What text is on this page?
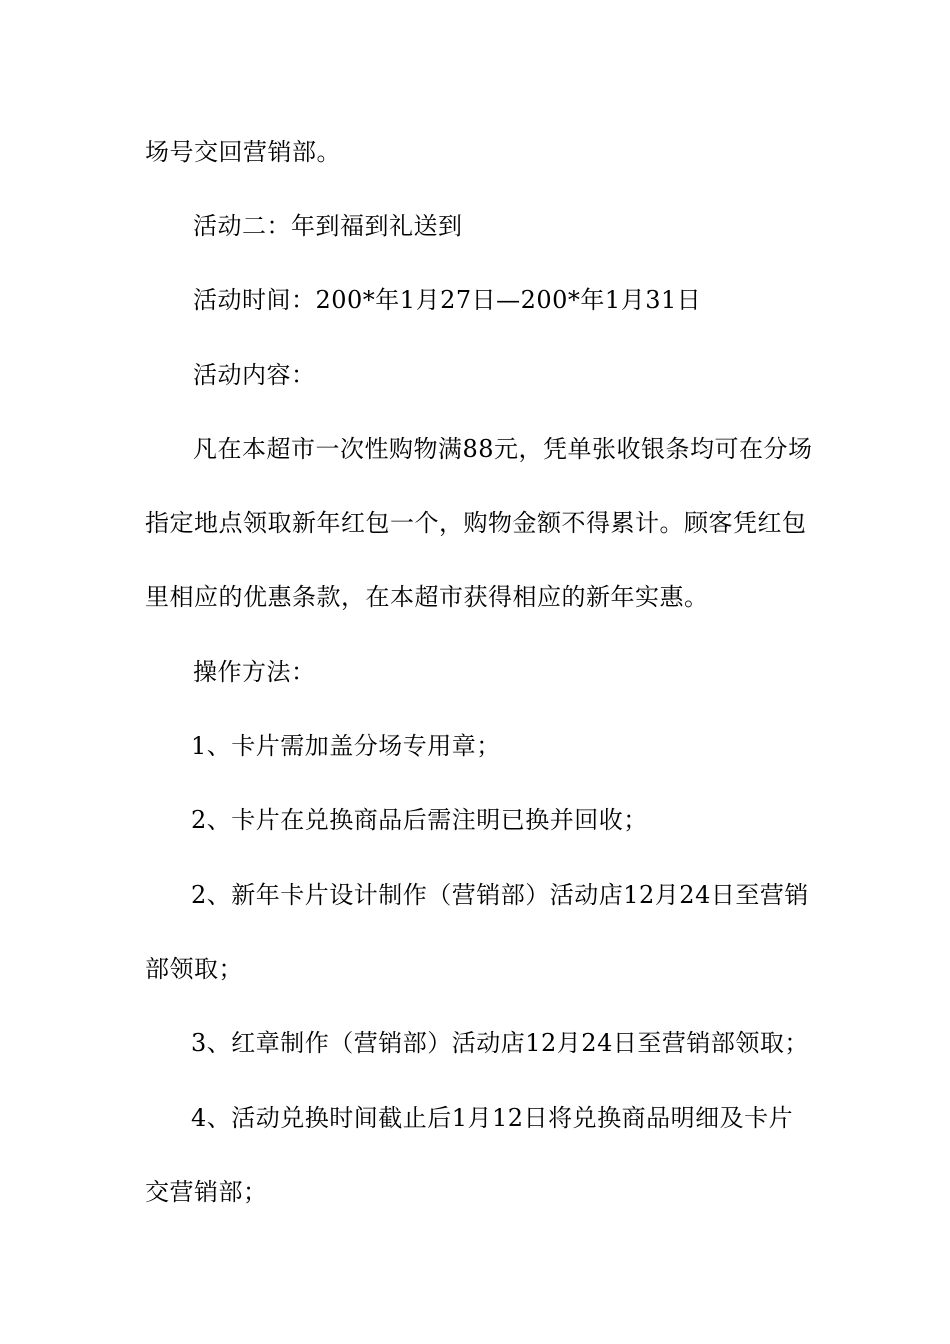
场号交回营销部。
活动二：年到福到礼送到
活动时间：200*年1月27日—200*年1月31日
活动内容：
凡在本超市一次性购物满88元，凭单张收银条均可在分场
指定地点领取新年红包一个，购物金额不得累计。顾客凭红包
里相应的优惠条款，在本超市获得相应的新年实惠。
操作方法：
1、卡片需加盖分场专用章；
2、卡片在兑换商品后需注明已换并回收；
2、新年卡片设计制作（营销部）活动店12月24日至营销
部领取；
3、红章制作（营销部）活动店12月24日至营销部领取；
4、活动兑换时间截止后1月12日将兑换商品明细及卡片
交营销部；
